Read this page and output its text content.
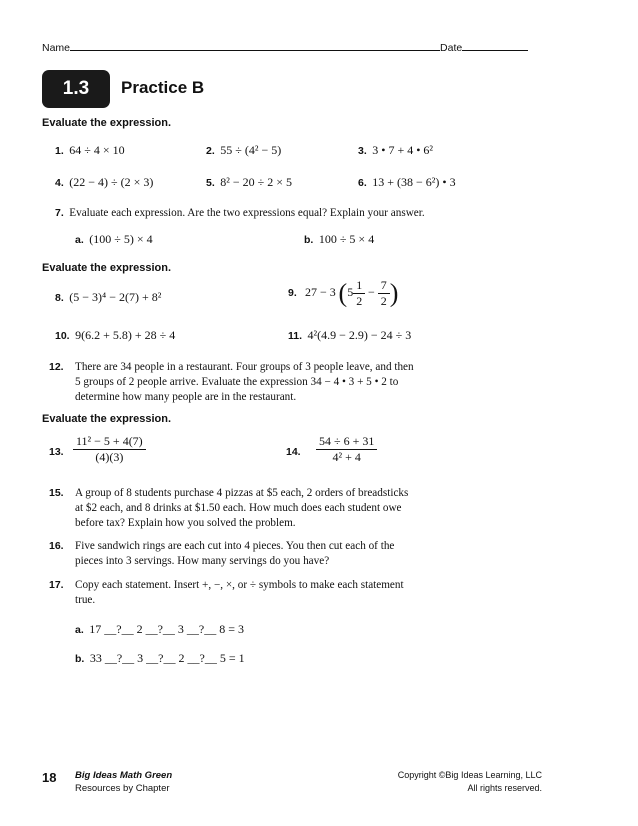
Name	Date
1.3	Practice B
Evaluate the expression.
1. 64 ÷ 4 × 10	2. 55 ÷ (4² − 5)	3. 3 • 7 + 4 • 6²
4. (22 − 4) ÷ (2 × 3)	5. 8² − 20 ÷ 2 × 5	6. 13 + (38 − 6²) • 3
7. Evaluate each expression. Are the two expressions equal? Explain your answer.
a. (100 ÷ 5) × 4	b. 100 ÷ 5 × 4
Evaluate the expression.
8. (5 − 3)⁴ − 2(7) + 8²	9. 27 − 3 ($5 \frac{1}{2} - \frac{7}{2}$ )
10. 9(6.2 + 5.8) + 28 ÷ 4	11. 4²(4.9 − 2.9) − 24 ÷ 3
12. There are 34 people in a restaurant. Four groups of 3 people leave, and then
5 groups of 2 people arrive. Evaluate the expression 34 − 4 • 3 + 5 • 2 to
determine how many people are in the restaurant.
Evaluate the expression.
13. $\frac{\text{11² − 5 + 4(7)}}{(4)(3)}$	14. $\frac{54 \div 6 + 31}{\text{4² + 4}}$
15. A group of 8 students purchase 4 pizzas at $5 each, 2 orders of breadsticks
at $2 each, and 8 drinks at $1.50 each. How much does each student owe
before tax? Explain how you solved the problem.
16. Five sandwich rings are each cut into 4 pieces. You then cut each of the
pieces into 3 servings. How many servings do you have?
17. Copy each statement. Insert +, −, ×, or ÷ symbols to make each statement
true.
a. 17 __?__ 2 __?__ 3 __?__ 8 = 3
b. 33 __?__ 3 __?__ 2 __?__ 5 = 1
18 Big Ideas Math Green
Resources by Chapter
Copyright ©Big Ideas Learning, LLC
All rights reserved.
